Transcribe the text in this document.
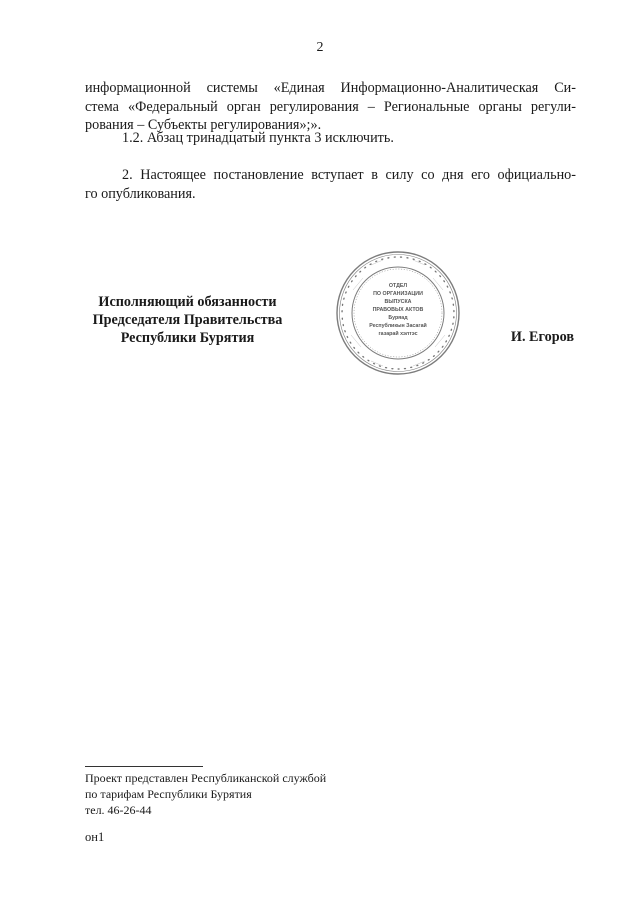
2

информационной системы «Единая Информационно-Аналитическая Си-
стема «Федеральный орган регулирования – Региональные органы регули-
рования – Субъекты регулирования»;».

1.2. Абзац тринадцатый пункта 3 исключить.

2. Настоящее постановление вступает в силу со дня его официально-
го опубликования.

Исполняющий обязанности
Председателя Правительства
Республики Бурятия
• • • • • • • • • • • • • • • • • • • • • • • • • • • • • • • • • • • • • • • • • • • • • • • • • • • • •
ОТДЕЛ
ПО ОРГАНИЗАЦИИ
ВЫПУСКА
ПРАВОВЫХ АКТОВ
Буряад
Республикын Засагай
газарай хэлтэс	И. Егоров
Проект представлен Республиканской службой
по тарифам Республики Бурятия
тел. 46-26-44
он1
